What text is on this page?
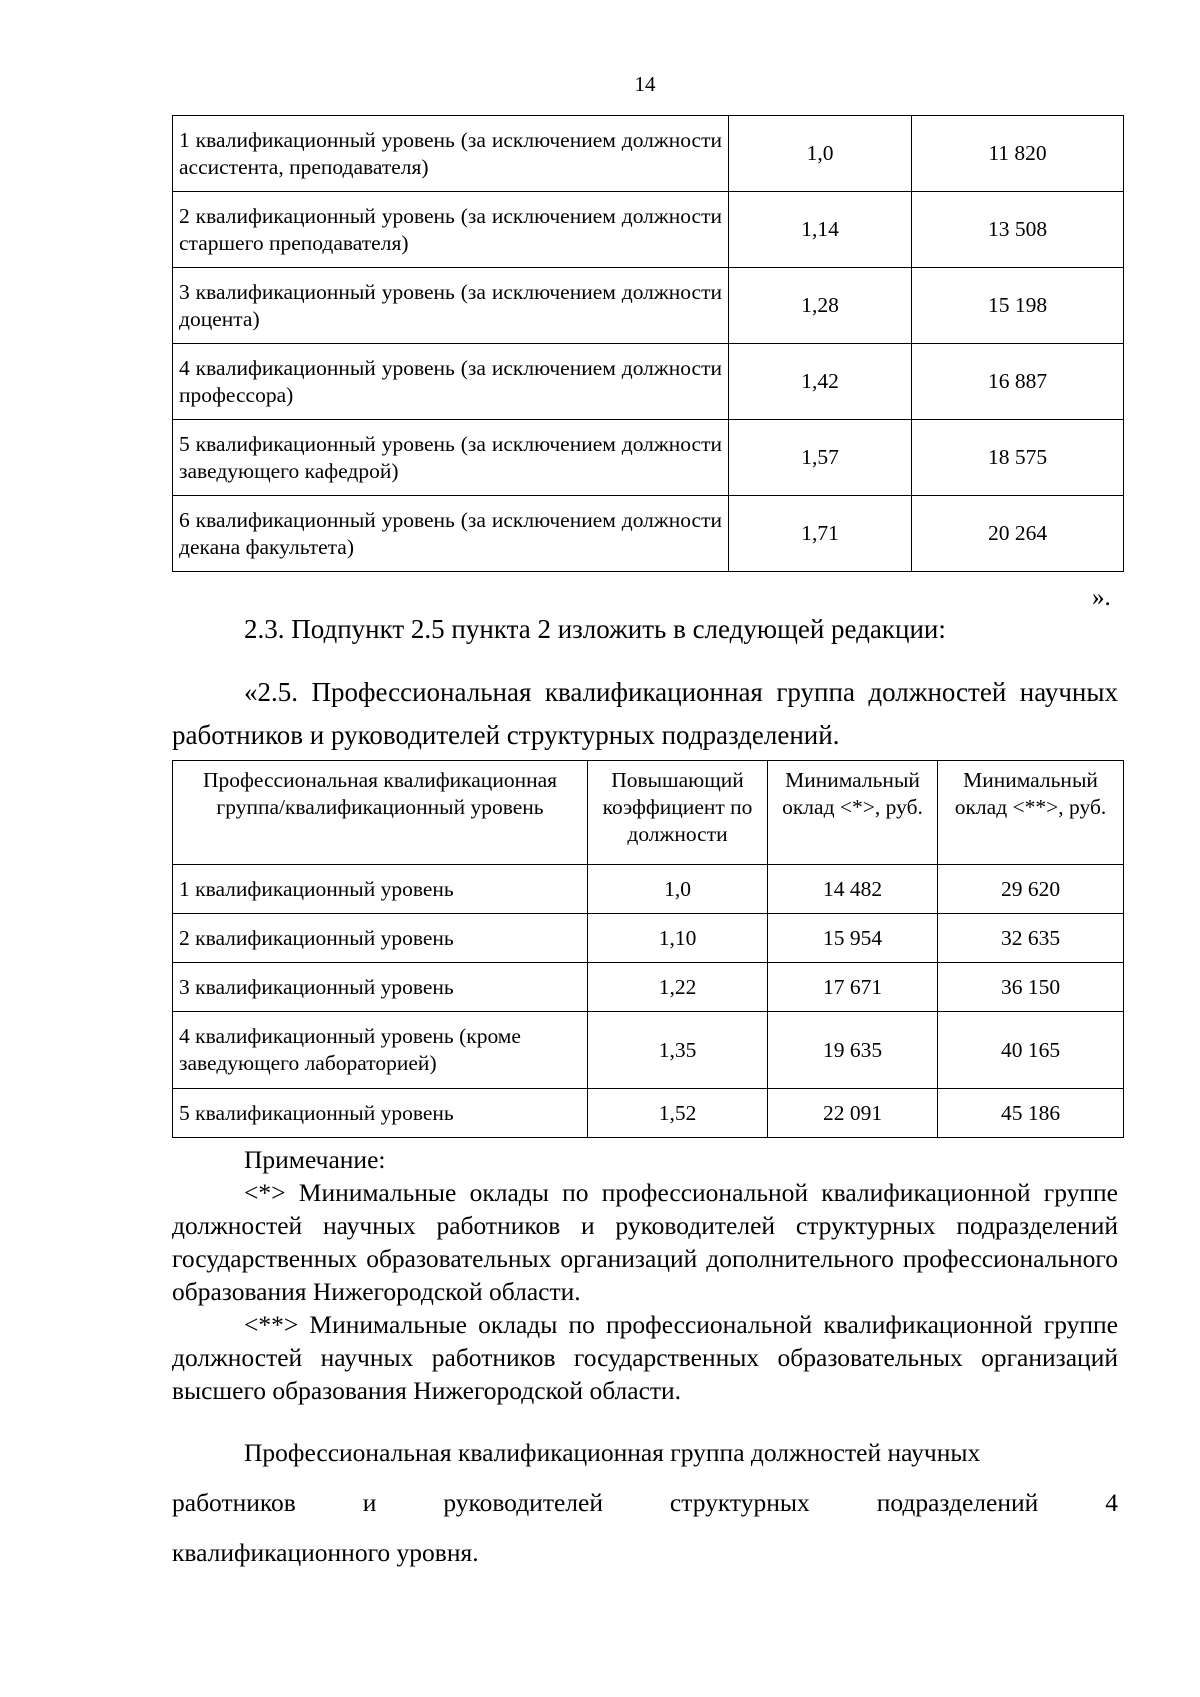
14
1 квалификационный уровень (за исключением должности ассистента, преподавателя)	1,0	11 820
2 квалификационный уровень (за исключением должности старшего преподавателя)	1,14	13 508
3 квалификационный уровень (за исключением должности доцента)	1,28	15 198
4 квалификационный уровень (за исключением должности профессора)	1,42	16 887
5 квалификационный уровень (за исключением должности заведующего кафедрой)	1,57	18 575
6 квалификационный уровень (за исключением должности декана факультета)	1,71	20 264
».
2.3. Подпункт 2.5 пункта 2 изложить в следующей редакции:
«2.5. Профессиональная квалификационная группа должностей научных
работников и руководителей структурных подразделений.
Профессиональная квалификационная группа/квалификационный уровень	Повышающий коэффициент по должности	Минимальный оклад <*>, руб.	Минимальный оклад <**>, руб.
1 квалификационный уровень	1,0	14 482	29 620
2 квалификационный уровень	1,10	15 954	32 635
3 квалификационный уровень	1,22	17 671	36 150
4 квалификационный уровень (кроме заведующего лабораторией)	1,35	19 635	40 165
5 квалификационный уровень	1,52	22 091	45 186
Примечание:
<*> Минимальные оклады по профессиональной квалификационной группе должностей научных работников и руководителей структурных подразделений государственных образовательных организаций дополнительного профессионального образования Нижегородской области.
<**> Минимальные оклады по профессиональной квалификационной группе должностей научных работников государственных образовательных организаций высшего образования Нижегородской области.
Профессиональная квалификационная группа должностей научных
работников	и	руководителей	структурных	подразделений	4
квалификационного уровня.
